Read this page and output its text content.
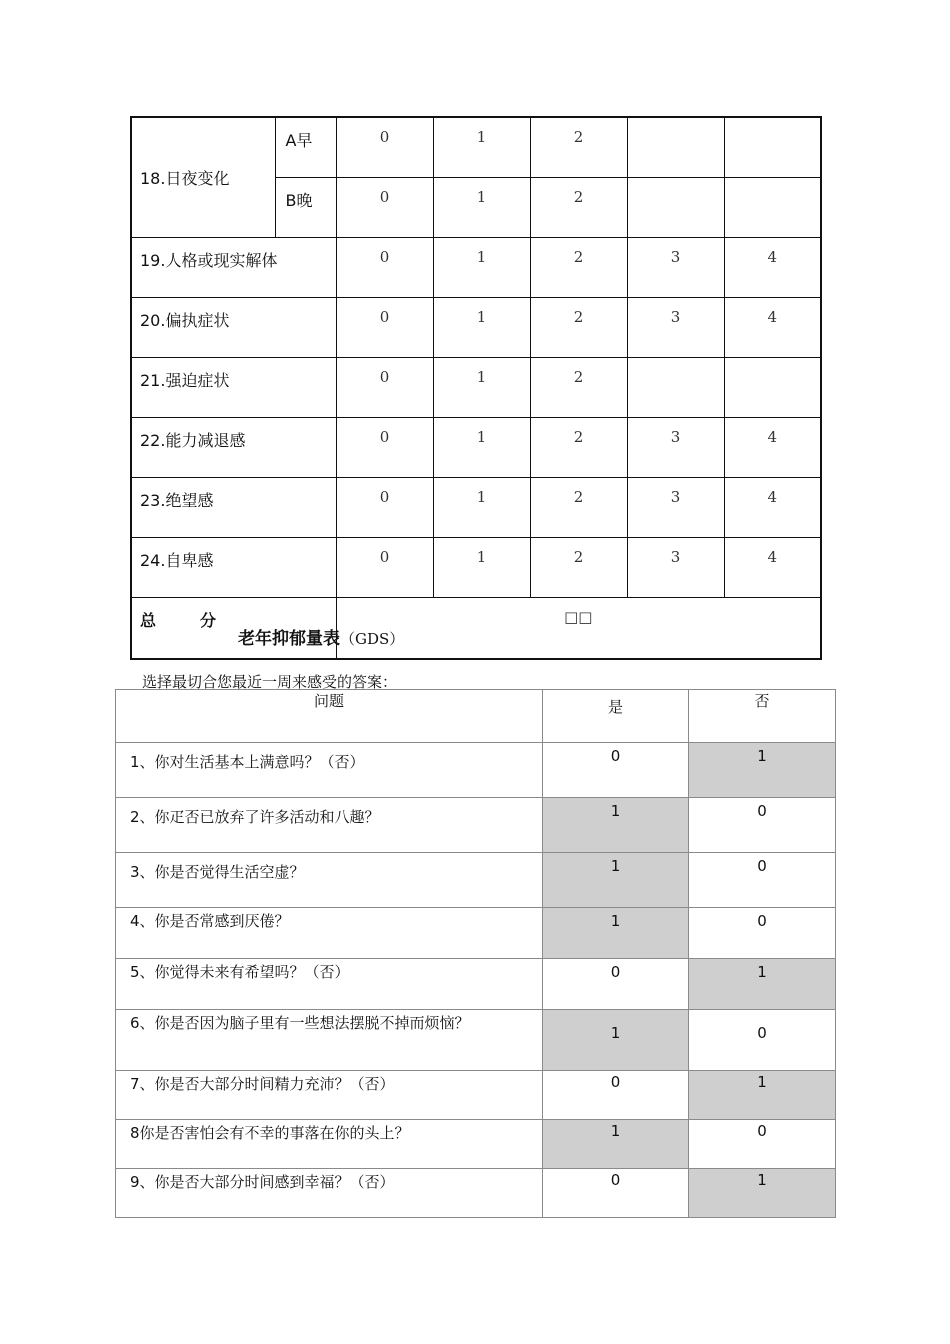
18.日夜变化	A早	0	1	2		
	B晚	0	1	2		
19.人格或现实解体		0	1	2	3	4
20.偏执症状		0	1	2	3	4
21.强迫症状		0	1	2		
22.能力减退感		0	1	2	3	4
23.绝望感		0	1	2	3	4
24.自卑感		0	1	2	3	4
总 分		□□				
老年抑郁量表（GDS）
选择最切合您最近一周来感受的答案：
问题	是	否
1、你对生活基本上满意吗？（否）	0	1
2、你疋否已放弃了许多活动和八趣？	1	0
3、你是否觉得生活空虚？	1	0
4、你是否常感到厌倦？	1	0
5、你觉得未来有希望吗？（否）	0	1
6、你是否因为脑子里有一些想法摆脱不掉而烦恼？	1	0
7、你是否大部分时间精力充沛？（否）	0	1
8你是否害怕会有不幸的事落在你的头上？	1	0
9、你是否大部分时间感到幸福？（否）	0	1
